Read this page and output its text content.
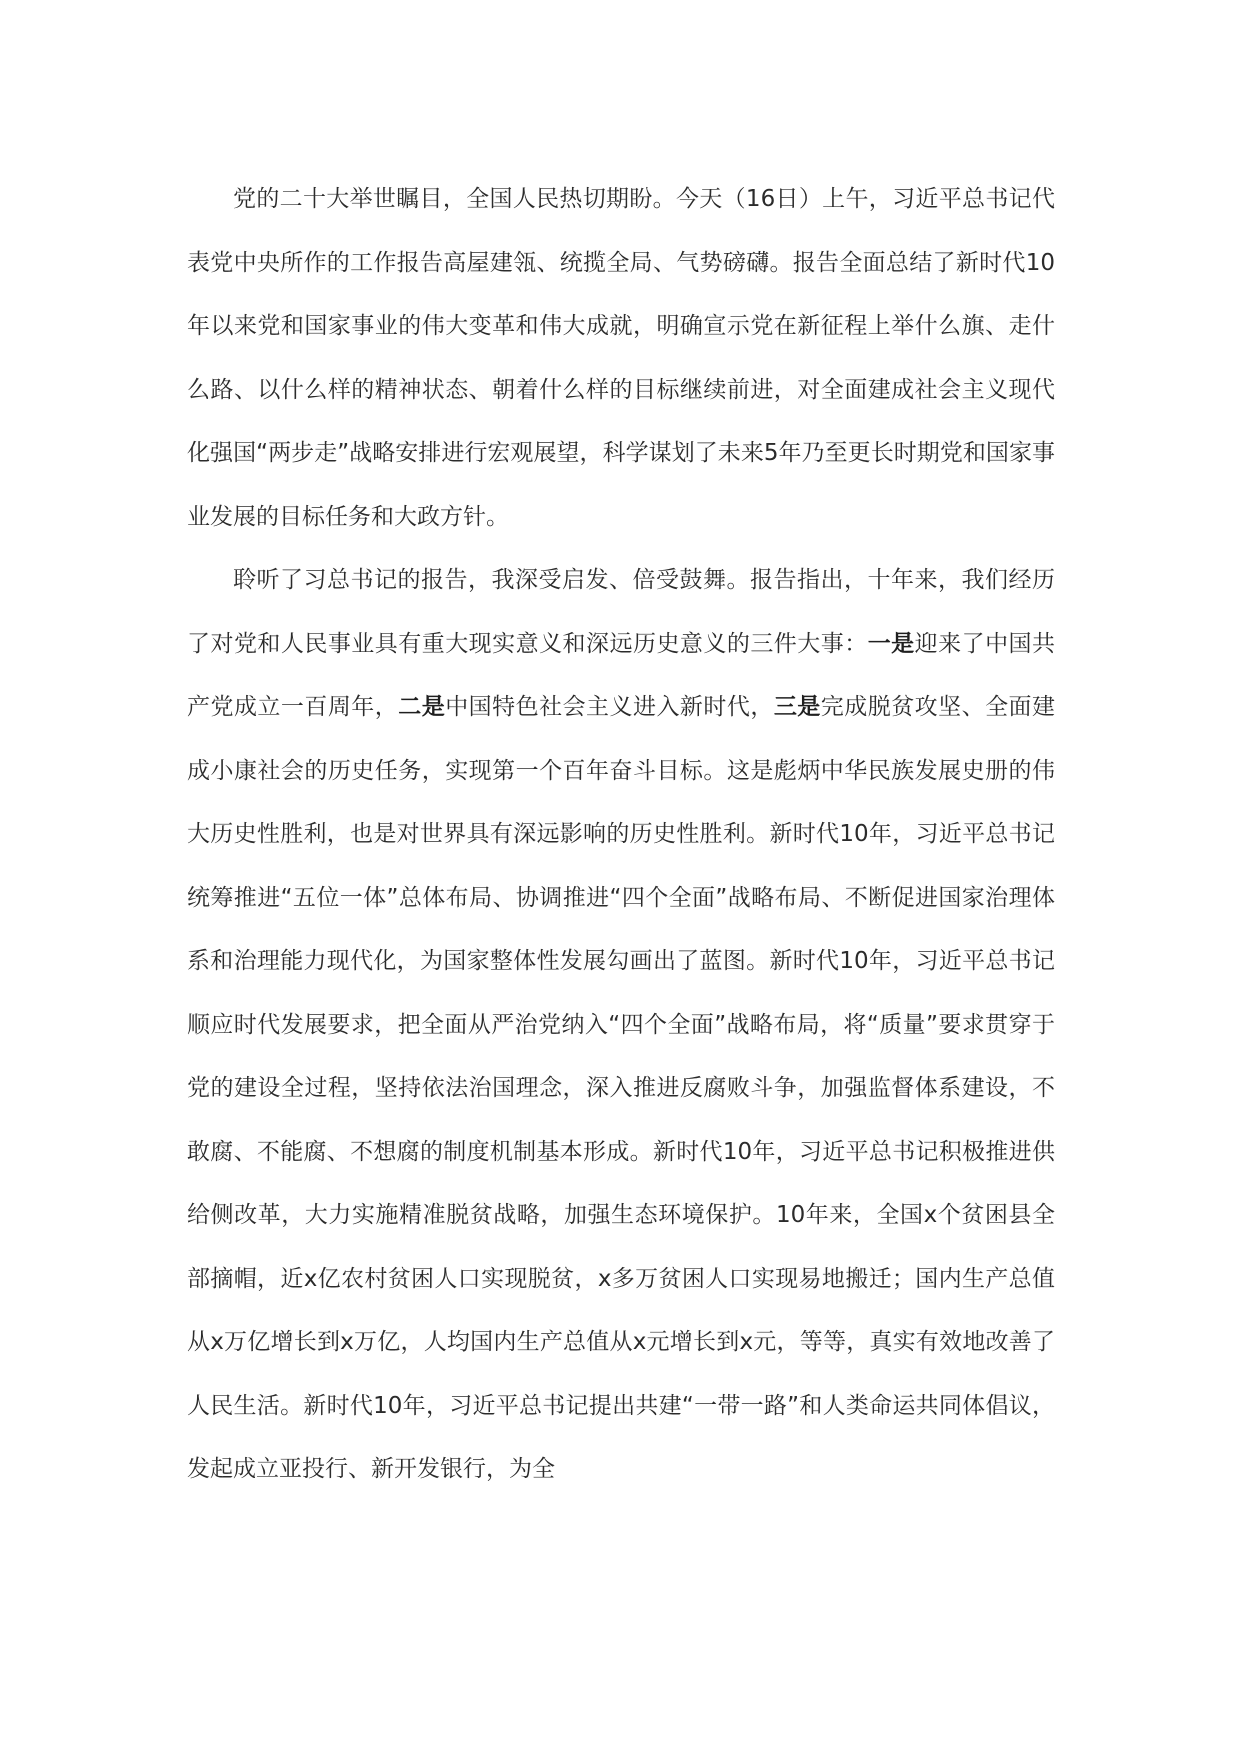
党的二十大举世瞩目，全国人民热切期盼。今天（16日）上午，习近平总书记代表党中央所作的工作报告高屋建瓴、统揽全局、气势磅礴。报告全面总结了新时代10年以来党和国家事业的伟大变革和伟大成就，明确宣示党在新征程上举什么旗、走什么路、以什么样的精神状态、朝着什么样的目标继续前进，对全面建成社会主义现代化强国“两步走”战略安排进行宏观展望，科学谋划了未来5年乃至更长时期党和国家事业发展的目标任务和大政方针。

聆听了习总书记的报告，我深受启发、倍受鼓舞。报告指出，十年来，我们经历了对党和人民事业具有重大现实意义和深远历史意义的三件大事：一是迎来了中国共产党成立一百周年，二是中国特色社会主义进入新时代，三是完成脱贫攻坚、全面建成小康社会的历史任务，实现第一个百年奋斗目标。这是彪炳中华民族发展史册的伟大历史性胜利，也是对世界具有深远影响的历史性胜利。新时代10年，习近平总书记统筹推进“五位一体”总体布局、协调推进“四个全面”战略布局、不断促进国家治理体系和治理能力现代化，为国家整体性发展勾画出了蓝图。新时代10年，习近平总书记顺应时代发展要求，把全面从严治党纳入“四个全面”战略布局，将“质量”要求贯穿于党的建设全过程，坚持依法治国理念，深入推进反腐败斗争，加强监督体系建设，不敢腐、不能腐、不想腐的制度机制基本形成。新时代10年，习近平总书记积极推进供给侧改革，大力实施精准脱贫战略，加强生态环境保护。10年来，全国x个贫困县全部摘帽，近x亿农村贫困人口实现脱贫，x多万贫困人口实现易地搬迁；国内生产总值从x万亿增长到x万亿，人均国内生产总值从x元增长到x元，等等，真实有效地改善了人民生活。新时代10年，习近平总书记提出共建“一带一路”和人类命运共同体倡议，发起成立亚投行、新开发银行，为全
